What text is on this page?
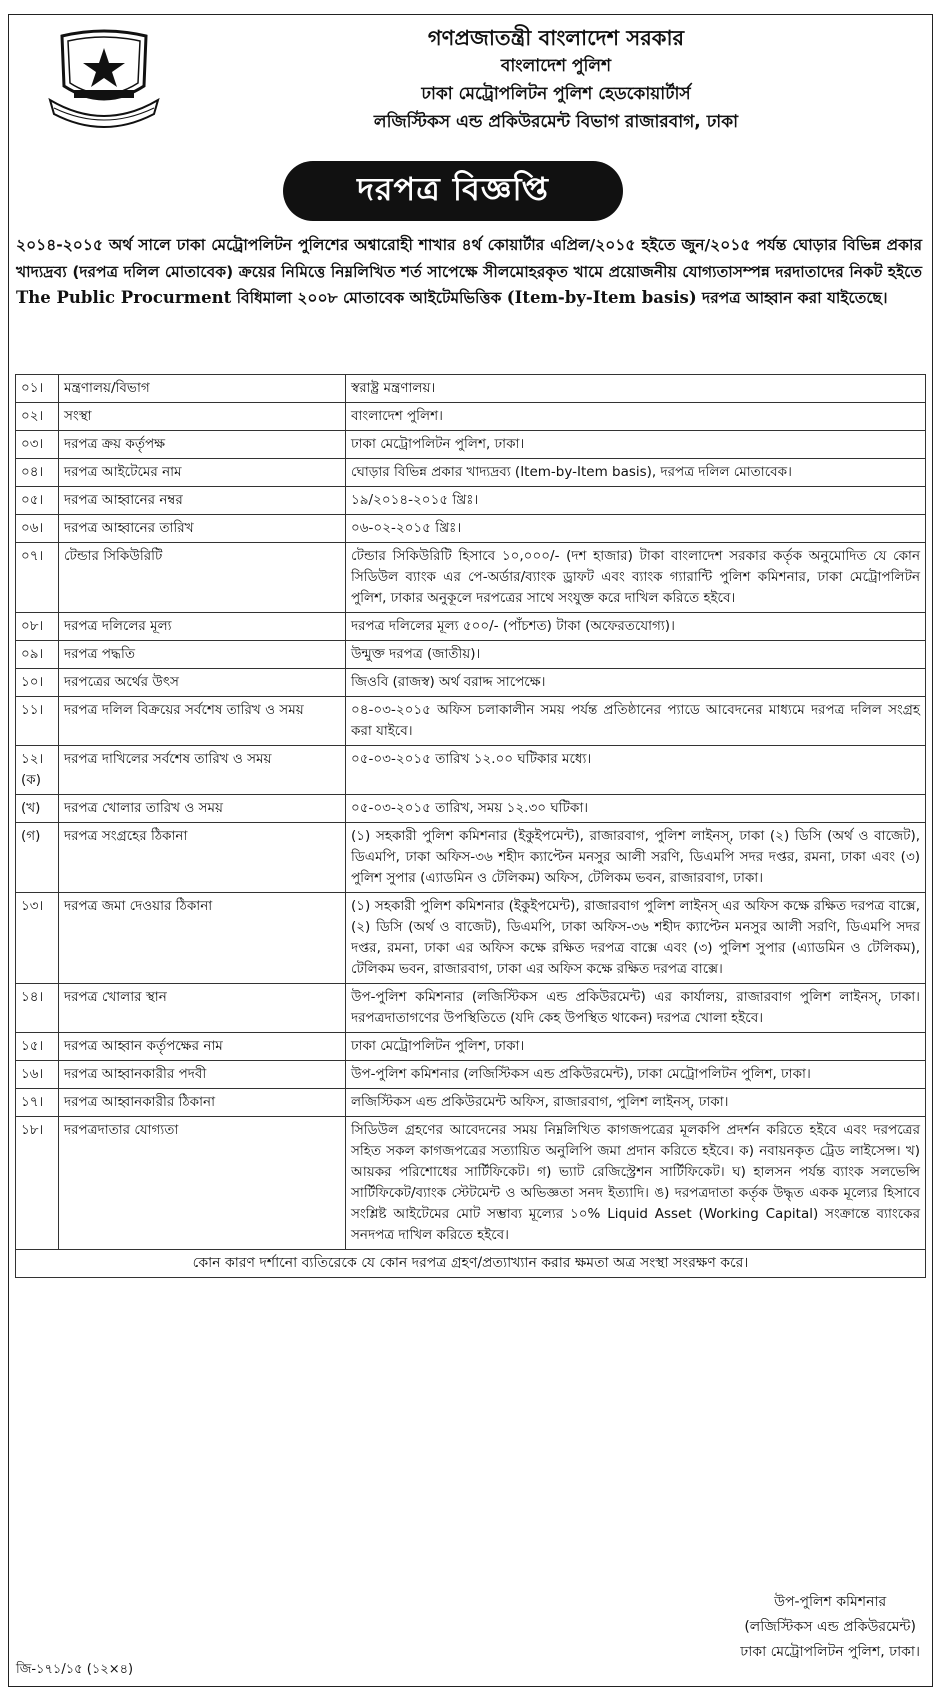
গণপ্রজাতন্ত্রী বাংলাদেশ সরকার
বাংলাদেশ পুলিশ
ঢাকা মেট্রোপলিটন পুলিশ হেডকোয়ার্টার্স
লজিস্টিকস এন্ড প্রকিউরমেন্ট বিভাগ রাজারবাগ, ঢাকা
দরপত্র বিজ্ঞপ্তি
২০১৪-২০১৫ অর্থ সালে ঢাকা মেট্রোপলিটন পুলিশের অশ্বারোহী শাখার ৪র্থ কোয়ার্টার এপ্রিল/২০১৫ হইতে জুন/২০১৫ পর্যন্ত ঘোড়ার বিভিন্ন প্রকার খাদ্যদ্রব্য (দরপত্র দলিল মোতাবেক) ক্রয়ের নিমিত্তে নিম্নলিখিত শর্ত সাপেক্ষে সীলমোহরকৃত খামে প্রয়োজনীয় যোগ্যতাসম্পন্ন দরদাতাদের নিকট হইতে The Public Procurment বিধিমালা ২০০৮ মোতাবেক আইটেমভিত্তিক (Item-by-Item basis) দরপত্র আহ্বান করা যাইতেছে।
০১।	মন্ত্রণালয়/বিভাগ	স্বরাষ্ট্র মন্ত্রণালয়।
০২।	সংস্থা	বাংলাদেশ পুলিশ।
০৩।	দরপত্র ক্রয় কর্তৃপক্ষ	ঢাকা মেট্রোপলিটন পুলিশ, ঢাকা।
০৪।	দরপত্র আইটেমের নাম	ঘোড়ার বিভিন্ন প্রকার খাদ্যদ্রব্য (Item-by-Item basis), দরপত্র দলিল মোতাবেক।
০৫।	দরপত্র আহ্বানের নম্বর	১৯/২০১৪-২০১৫ খ্রিঃ।
০৬।	দরপত্র আহ্বানের তারিখ	০৬-০২-২০১৫ খ্রিঃ।
০৭।	টেন্ডার সিকিউরিটি	টেন্ডার সিকিউরিটি হিসাবে ১০,০০০/- (দশ হাজার) টাকা বাংলাদেশ সরকার কর্তৃক অনুমোদিত যে কোন সিডিউল ব্যাংক এর পে-অর্ডার/ব্যাংক ড্রাফট এবং ব্যাংক গ্যারান্টি পুলিশ কমিশনার, ঢাকা মেট্রোপলিটন পুলিশ, ঢাকার অনুকূলে দরপত্রের সাথে সংযুক্ত করে দাখিল করিতে হইবে।
০৮।	দরপত্র দলিলের মূল্য	দরপত্র দলিলের মূল্য ৫০০/- (পাঁচশত) টাকা (অফেরতযোগ্য)।
০৯।	দরপত্র পদ্ধতি	উন্মুক্ত দরপত্র (জাতীয়)।
১০।	দরপত্রের অর্থের উৎস	জিওবি (রাজস্ব) অর্থ বরাদ্দ সাপেক্ষে।
১১।	দরপত্র দলিল বিক্রয়ের সর্বশেষ তারিখ ও সময়	০৪-০৩-২০১৫ অফিস চলাকালীন সময় পর্যন্ত প্রতিষ্ঠানের প্যাডে আবেদনের মাধ্যমে দরপত্র দলিল সংগ্রহ করা যাইবে।
১২। (ক)	দরপত্র দাখিলের সর্বশেষ তারিখ ও সময়	০৫-০৩-২০১৫ তারিখ ১২.০০ ঘটিকার মধ্যে।
(খ)	দরপত্র খোলার তারিখ ও সময়	০৫-০৩-২০১৫ তারিখ, সময় ১২.৩০ ঘটিকা।
(গ)	দরপত্র সংগ্রহের ঠিকানা	(১) সহকারী পুলিশ কমিশনার (ইকুইপমেন্ট), রাজারবাগ, পুলিশ লাইনস্, ঢাকা (২) ডিসি (অর্থ ও বাজেট), ডিএমপি, ঢাকা অফিস-৩৬ শহীদ ক্যাপ্টেন মনসুর আলী সরণি, ডিএমপি সদর দপ্তর, রমনা, ঢাকা এবং (৩) পুলিশ সুপার (এ্যাডমিন ও টেলিকম) অফিস, টেলিকম ভবন, রাজারবাগ, ঢাকা।
১৩।	দরপত্র জমা দেওয়ার ঠিকানা	(১) সহকারী পুলিশ কমিশনার (ইকুইপমেন্ট), রাজারবাগ পুলিশ লাইনস্ এর অফিস কক্ষে রক্ষিত দরপত্র বাক্সে, (২) ডিসি (অর্থ ও বাজেট), ডিএমপি, ঢাকা অফিস-৩৬ শহীদ ক্যাপ্টেন মনসুর আলী সরণি, ডিএমপি সদর দপ্তর, রমনা, ঢাকা এর অফিস কক্ষে রক্ষিত দরপত্র বাক্সে এবং (৩) পুলিশ সুপার (এ্যাডমিন ও টেলিকম), টেলিকম ভবন, রাজারবাগ, ঢাকা এর অফিস কক্ষে রক্ষিত দরপত্র বাক্সে।
১৪।	দরপত্র খোলার স্থান	উপ-পুলিশ কমিশনার (লজিস্টিকস এন্ড প্রকিউরমেন্ট) এর কার্যালয়, রাজারবাগ পুলিশ লাইনস্, ঢাকা। দরপত্রদাতাগণের উপস্থিতিতে (যদি কেহ উপস্থিত থাকেন) দরপত্র খোলা হইবে।
১৫।	দরপত্র আহ্বান কর্তৃপক্ষের নাম	ঢাকা মেট্রোপলিটন পুলিশ, ঢাকা।
১৬।	দরপত্র আহ্বানকারীর পদবী	উপ-পুলিশ কমিশনার (লজিস্টিকস এন্ড প্রকিউরমেন্ট), ঢাকা মেট্রোপলিটন পুলিশ, ঢাকা।
১৭।	দরপত্র আহ্বানকারীর ঠিকানা	লজিস্টিকস এন্ড প্রকিউরমেন্ট অফিস, রাজারবাগ, পুলিশ লাইনস্, ঢাকা।
১৮।	দরপত্রদাতার যোগ্যতা	সিডিউল গ্রহণের আবেদনের সময় নিম্নলিখিত কাগজপত্রের মূলকপি প্রদর্শন করিতে হইবে এবং দরপত্রের সহিত সকল কাগজপত্রের সত্যায়িত অনুলিপি জমা প্রদান করিতে হইবে। ক) নবায়নকৃত ট্রেড লাইসেন্স। খ) আয়কর পরিশোধের সার্টিফিকেট। গ) ভ্যাট রেজিস্ট্রেশন সার্টিফিকেট। ঘ) হালসন পর্যন্ত ব্যাংক সলভেন্সি সার্টিফিকেট/ব্যাংক স্টেটমেন্ট ও অভিজ্ঞতা সনদ ইত্যাদি। ঙ) দরপত্রদাতা কর্তৃক উদ্ধৃত একক মূল্যের হিসাবে সংশ্লিষ্ট আইটেমের মোট সম্ভাব্য মূল্যের ১০% Liquid Asset (Working Capital) সংক্রান্তে ব্যাংকের সনদপত্র দাখিল করিতে হইবে।
কোন কারণ দর্শানো ব্যতিরেকে যে কোন দরপত্র গ্রহণ/প্রত্যাখ্যান করার ক্ষমতা অত্র সংস্থা সংরক্ষণ করে।		
উপ-পুলিশ কমিশনার
(লজিস্টিকস এন্ড প্রকিউরমেন্ট)
ঢাকা মেট্রোপলিটন পুলিশ, ঢাকা।
জি-১৭১/১৫ (১২×৪)
